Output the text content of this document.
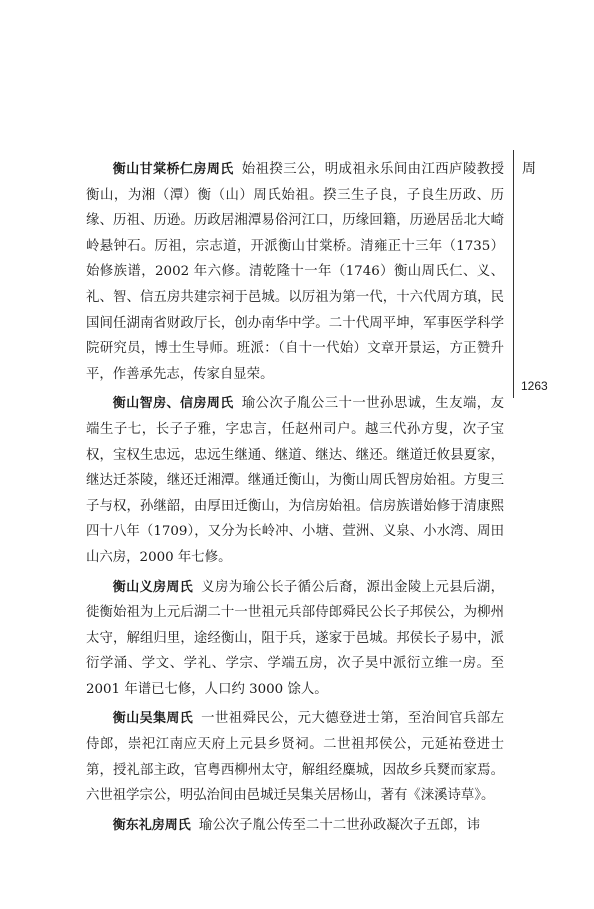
衡山甘棠桥仁房周氏 始祖揆三公，明成祖永乐间由江西庐陵教授衡山，为湘（潭）衡（山）周氏始祖。揆三生子良，子良生历政、历缘、历祖、历逊。历政居湘潭易俗河江口，历缘回籍，历逊居岳北大崎岭悬钟石。厉祖，宗志道，开派衡山甘棠桥。清雍正十三年（1735）始修族谱，2002 年六修。清乾隆十一年（1746）衡山周氏仁、义、礼、智、信五房共建宗祠于邑城。以厉祖为第一代，十六代周方瑱，民国间任湖南省财政厅长，创办南华中学。二十代周平坤，军事医学科学院研究员，博士生导师。班派：（自十一代始）文章开景运，方正赞升平，作善承先志，传家自显荣。

衡山智房、信房周氏 瑜公次子胤公三十一世孙思诚，生友端，友端生子七，长子子雅，字忠言，任赵州司户。越三代孙方叟，次子宝权，宝权生忠远，忠远生继通、继道、继达、继还。继道迁攸县夏家，继达迁茶陵，继还迁湘潭。继通迁衡山，为衡山周氏智房始祖。方叟三子与权，孙继韶，由厚田迁衡山，为信房始祖。信房族谱始修于清康熙四十八年（1709），又分为长岭冲、小塘、萱洲、义泉、小水湾、周田山六房，2000 年七修。

衡山义房周氏 义房为瑜公长子循公后裔，源出金陵上元县后湖，徙衡始祖为上元后湖二十一世祖元兵部侍郎舜民公长子邦侯公，为柳州太守，解组归里，途经衡山，阻于兵，遂家于邑城。邦侯长子易中，派衍学涌、学文、学礼、学宗、学端五房，次子昊中派衍立维一房。至 2001 年谱已七修，人口约 3000 馀人。

衡山吴集周氏 一世祖舜民公，元大德登进士第，至治间官兵部左侍郎，崇祀江南应天府上元县乡贤祠。二世祖邦侯公，元延祐登进士第，授礼部主政，官粤西柳州太守，解组经麋城，因故乡兵燹而家焉。六世祖学宗公，明弘治间由邑城迁吴集关居杨山，著有《涞溪诗草》。

衡东礼房周氏 瑜公次子胤公传至二十二世孙政凝次子五郎，讳

周
1263
